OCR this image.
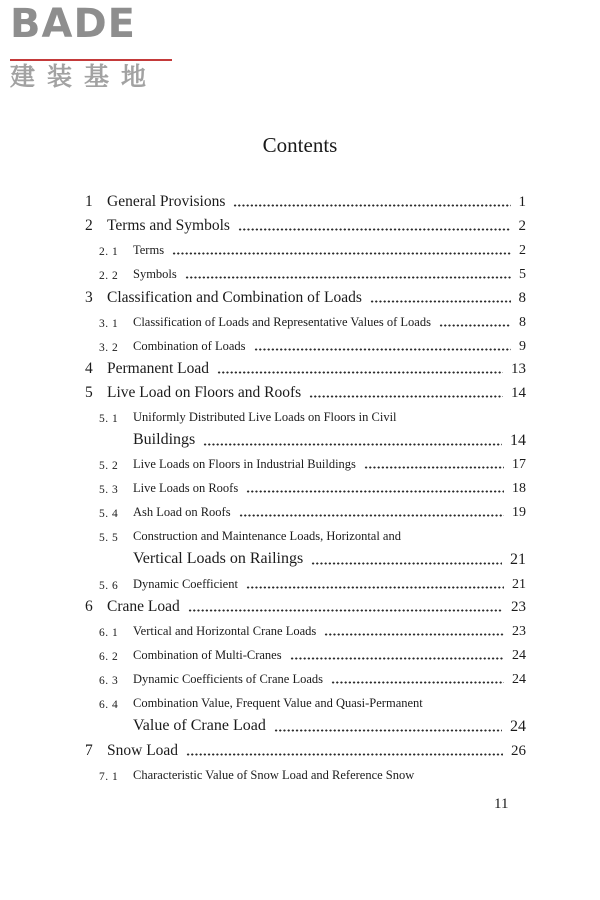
BADE
建装基地
Contents
1 General Provisions	1
2 Terms and Symbols	2
2. 1 Terms	2
2. 2 Symbols	5
3 Classification and Combination of Loads	8
3. 1 Classification of Loads and Representative Values of Loads	8
3. 2 Combination of Loads	9
4 Permanent Load	13
5 Live Load on Floors and Roofs	14
5. 1 Uniformly Distributed Live Loads on Floors in Civil
Buildings	14
5. 2 Live Loads on Floors in Industrial Buildings	17
5. 3 Live Loads on Roofs	18
5. 4 Ash Load on Roofs	19
5. 5 Construction and Maintenance Loads, Horizontal and
Vertical Loads on Railings	21
5. 6 Dynamic Coefficient	21
6 Crane Load	23
6. 1 Vertical and Horizontal Crane Loads	23
6. 2 Combination of Multi-Cranes	24
6. 3 Dynamic Coefficients of Crane Loads	24
6. 4 Combination Value, Frequent Value and Quasi-Permanent
Value of Crane Load	24
7 Snow Load	26
7. 1 Characteristic Value of Snow Load and Reference Snow
11
